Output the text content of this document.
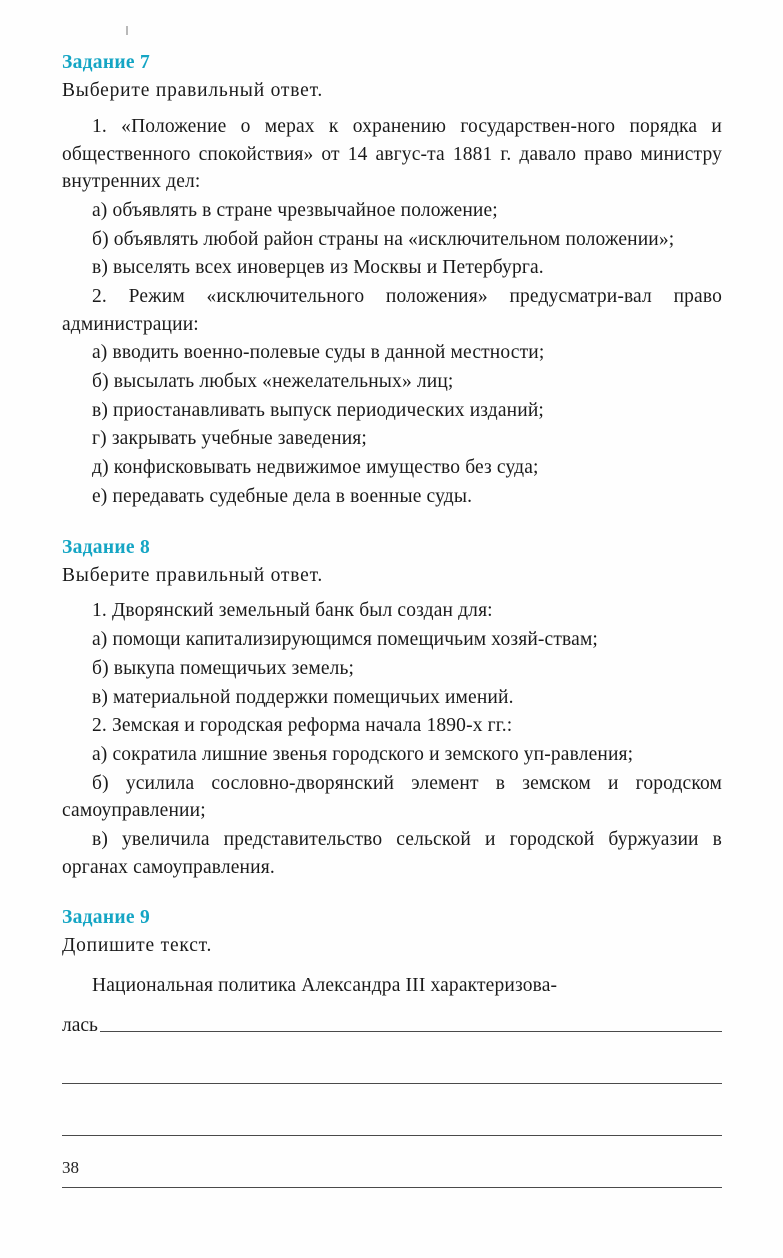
Задание 7

Выберите правильный ответ.

1. «Положение о мерах к охранению государствен-ного порядка и общественного спокойствия» от 14 авгус-та 1881 г. давало право министру внутренних дел:

а) объявлять в стране чрезвычайное положение;

б) объявлять любой район страны на «исключительном положении»;

в) выселять всех иноверцев из Москвы и Петербурга.

2. Режим «исключительного положения» предусматри-вал право администрации:

а) вводить военно-полевые суды в данной местности;

б) высылать любых «нежелательных» лиц;

в) приостанавливать выпуск периодических изданий;

г) закрывать учебные заведения;

д) конфисковывать недвижимое имущество без суда;

е) передавать судебные дела в военные суды.

Задание 8

Выберите правильный ответ.

1. Дворянский земельный банк был создан для:

а) помощи капитализирующимся помещичьим хозяй-ствам;

б) выкупа помещичьих земель;

в) материальной поддержки помещичьих имений.

2. Земская и городская реформа начала 1890-х гг.:

а) сократила лишние звенья городского и земского уп-равления;

б) усилила сословно-дворянский элемент в земском и городском самоуправлении;

в) увеличила представительство сельской и городской буржуазии в органах самоуправления.

Задание 9

Допишите текст.

Национальная политика Александра III характеризова-

лась
38
